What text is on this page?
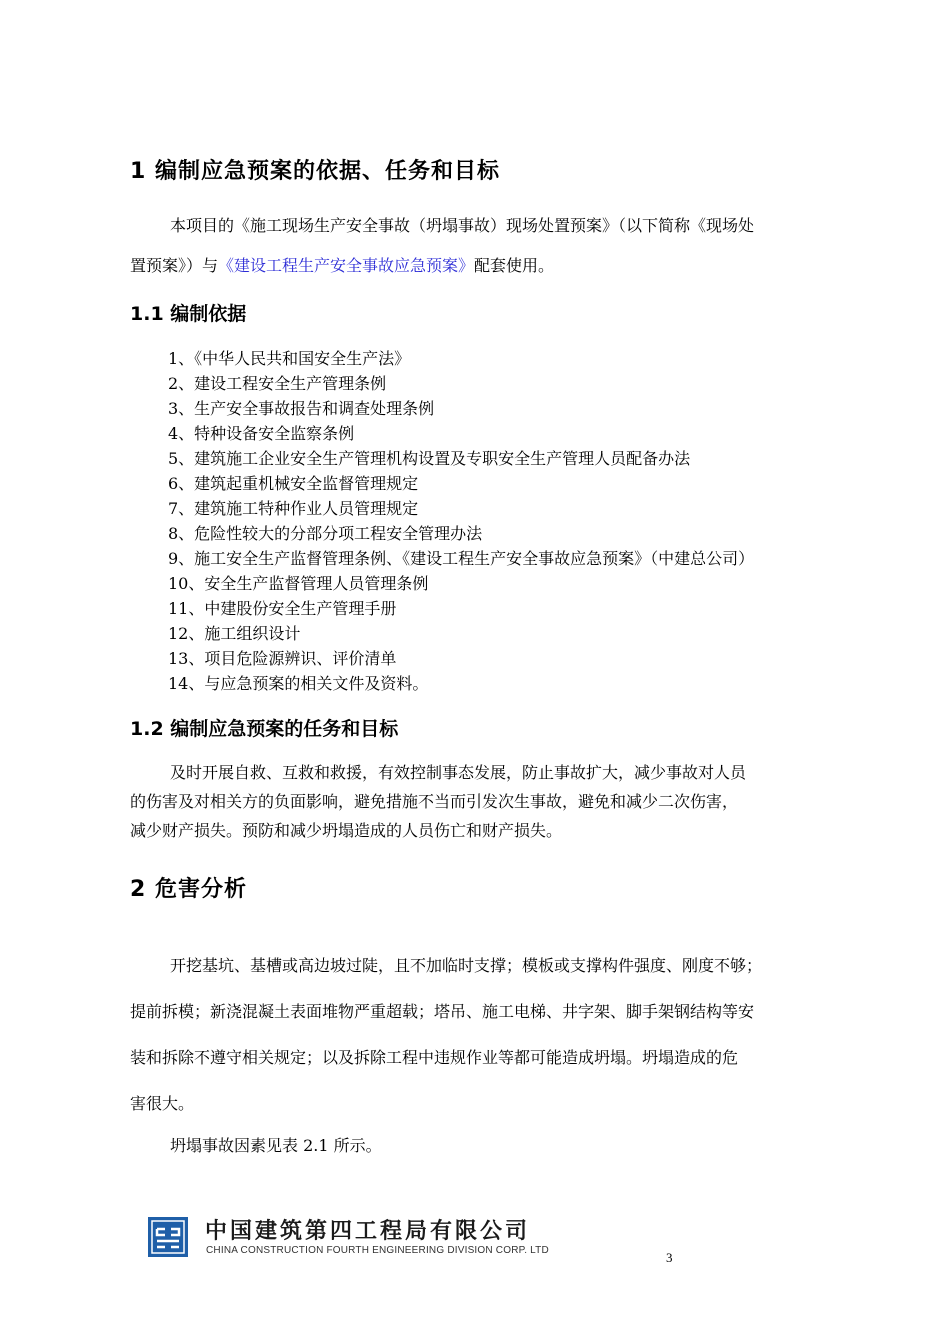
1 编制应急预案的依据、任务和目标

本项目的《施工现场生产安全事故（坍塌事故）现场处置预案》（以下简称《现场处
置预案》）与《建设工程生产安全事故应急预案》配套使用。

1.1 编制依据
1、《中华人民共和国安全生产法》
2、建设工程安全生产管理条例
3、生产安全事故报告和调查处理条例
4、特种设备安全监察条例
5、建筑施工企业安全生产管理机构设置及专职安全生产管理人员配备办法
6、建筑起重机械安全监督管理规定
7、建筑施工特种作业人员管理规定
8、危险性较大的分部分项工程安全管理办法
9、施工安全生产监督管理条例、《建设工程生产安全事故应急预案》（中建总公司）
10、安全生产监督管理人员管理条例
11、中建股份安全生产管理手册
12、施工组织设计
13、项目危险源辨识、评价清单
14、与应急预案的相关文件及资料。
1.2 编制应急预案的任务和目标

及时开展自救、互救和救援，有效控制事态发展，防止事故扩大，减少事故对人员
的伤害及对相关方的负面影响，避免措施不当而引发次生事故，避免和减少二次伤害，
减少财产损失。预防和减少坍塌造成的人员伤亡和财产损失。

2 危害分析

开挖基坑、基槽或高边坡过陡，且不加临时支撑；模板或支撑构件强度、刚度不够；
提前拆模；新浇混凝土表面堆物严重超载；塔吊、施工电梯、井字架、脚手架钢结构等安
装和拆除不遵守相关规定；以及拆除工程中违规作业等都可能造成坍塌。坍塌造成的危
害很大。

坍塌事故因素见表 2.1 所示。

中国建筑第四工程局有限公司
CHINA CONSTRUCTION FOURTH ENGINEERING DIVISION CORP. LTD	3
